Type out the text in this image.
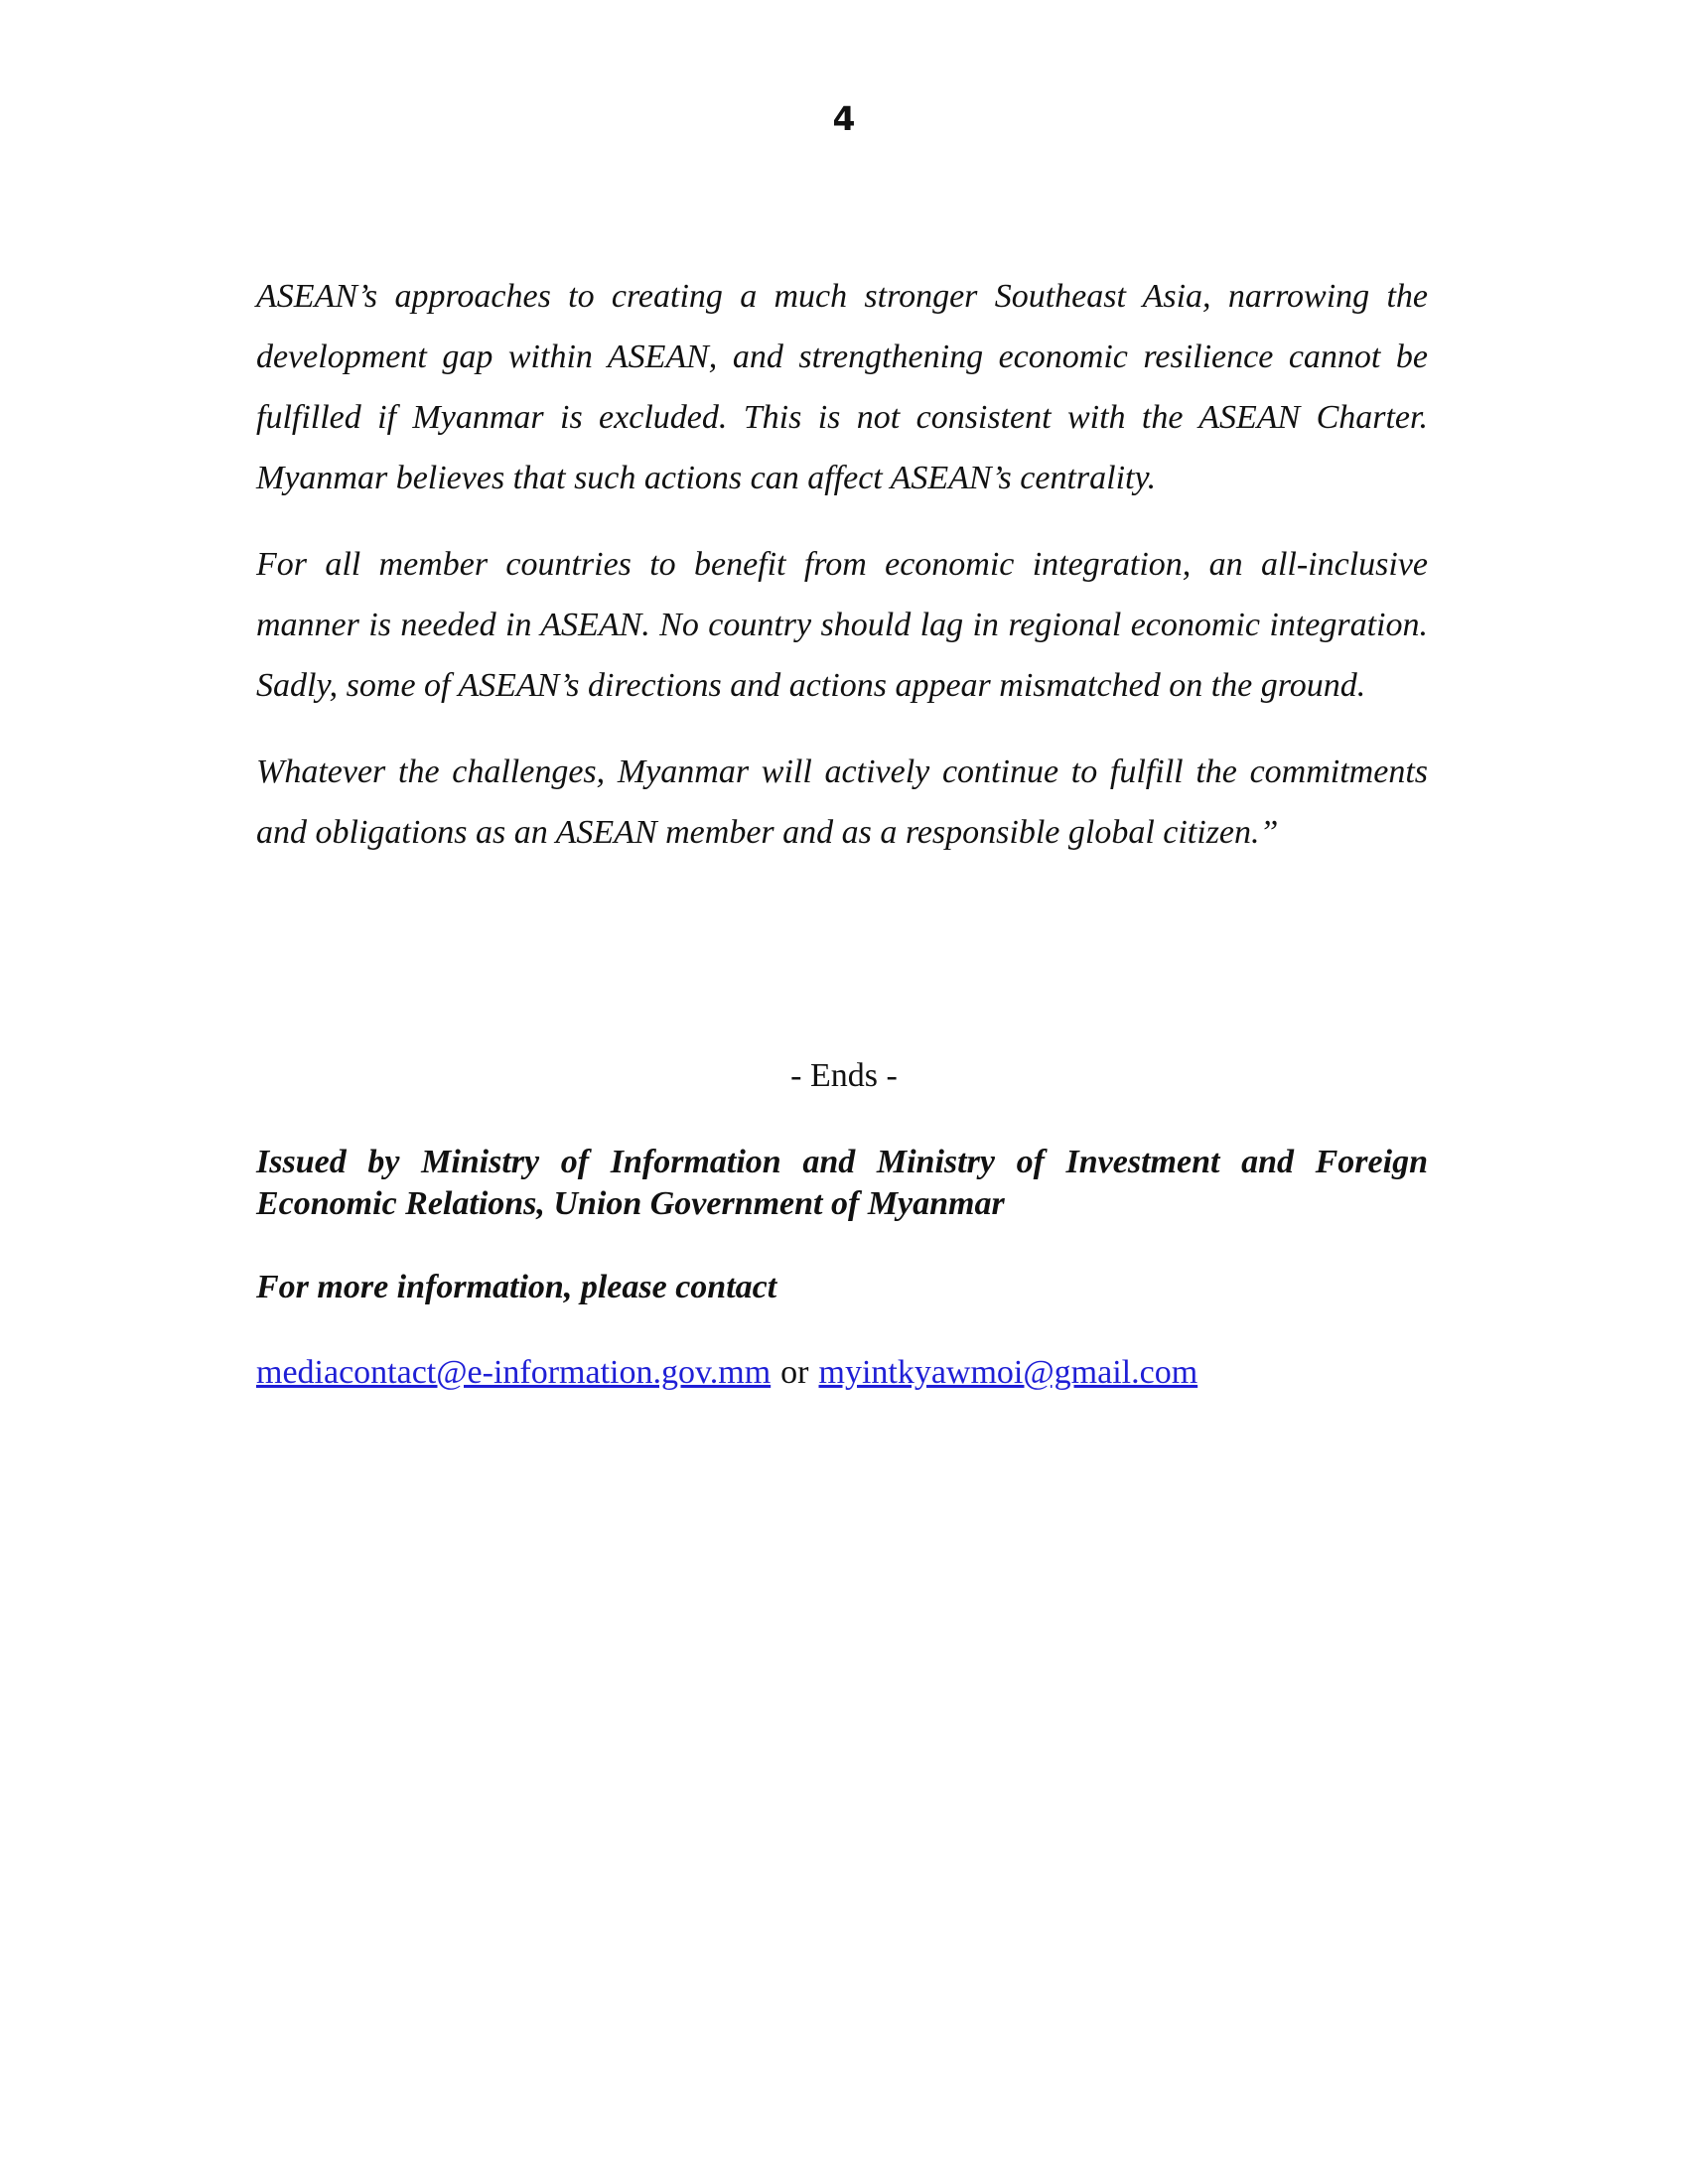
4

ASEAN’s approaches to creating a much stronger Southeast Asia, narrowing the development gap within ASEAN, and strengthening economic resilience cannot be fulfilled if Myanmar is excluded. This is not consistent with the ASEAN Charter. Myanmar believes that such actions can affect ASEAN’s centrality.

For all member countries to benefit from economic integration, an all-inclusive manner is needed in ASEAN. No country should lag in regional economic integration. Sadly, some of ASEAN’s directions and actions appear mismatched on the ground.

Whatever the challenges, Myanmar will actively continue to fulfill the commitments and obligations as an ASEAN member and as a responsible global citizen.”

- Ends -

Issued by Ministry of Information and Ministry of Investment and Foreign Economic Relations, Union Government of Myanmar

For more information, please contact

mediacontact@e-information.gov.mm or myintkyawmoi@gmail.com
